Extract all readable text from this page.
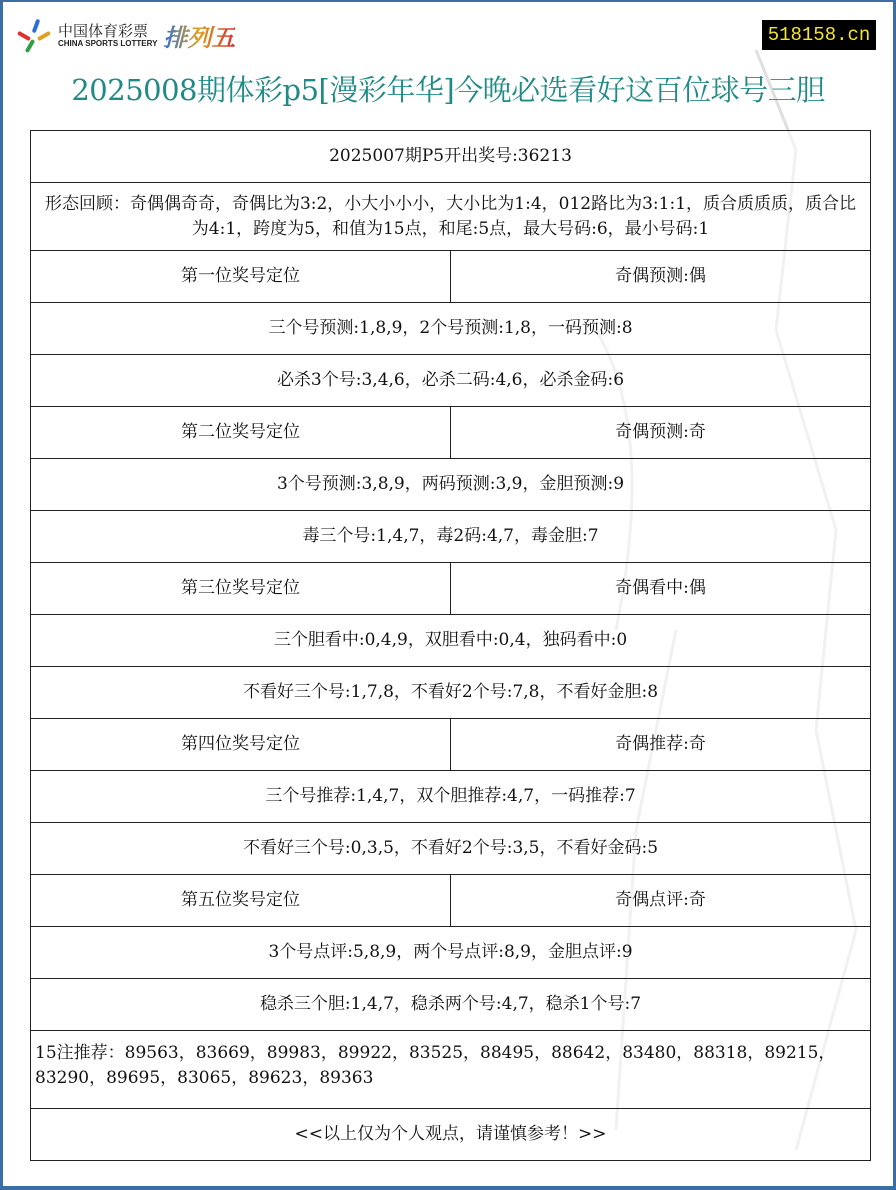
中国体育彩票
CHINA SPORTS LOTTERY 排列五	518158.cn
2025008期体彩p5[漫彩年华]今晚必选看好这百位球号三胆
2025007期P5开出奖号:36213	
形态回顾：奇偶偶奇奇，奇偶比为3:2，小大小小小，大小比为1:4，012路比为3:1:1，质合质质质，质合比为4:1，跨度为5，和值为15点，和尾:5点，最大号码:6，最小号码:1	
第一位奖号定位	奇偶预测:偶
三个号预测:1,8,9，2个号预测:1,8，一码预测:8	
必杀3个号:3,4,6，必杀二码:4,6，必杀金码:6	
第二位奖号定位	奇偶预测:奇
3个号预测:3,8,9，两码预测:3,9，金胆预测:9	
毒三个号:1,4,7，毒2码:4,7，毒金胆:7	
第三位奖号定位	奇偶看中:偶
三个胆看中:0,4,9，双胆看中:0,4，独码看中:0	
不看好三个号:1,7,8，不看好2个号:7,8，不看好金胆:8	
第四位奖号定位	奇偶推荐:奇
三个号推荐:1,4,7，双个胆推荐:4,7，一码推荐:7	
不看好三个号:0,3,5，不看好2个号:3,5，不看好金码:5	
第五位奖号定位	奇偶点评:奇
3个号点评:5,8,9，两个号点评:8,9，金胆点评:9	
稳杀三个胆:1,4,7，稳杀两个号:4,7，稳杀1个号:7	
15注推荐：89563，83669，89983，89922，83525，88495，88642，83480，88318，89215，83290，89695，83065，89623，89363	
<<以上仅为个人观点，请谨慎参考！>>	
